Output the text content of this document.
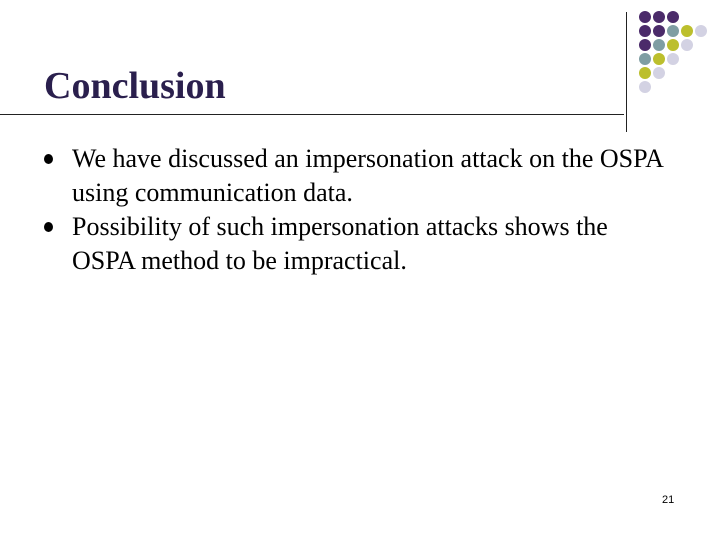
Conclusion
We have discussed an impersonation attack on the OSPA using communication data.
Possibility of such impersonation attacks shows the OSPA method to be impractical.
21
